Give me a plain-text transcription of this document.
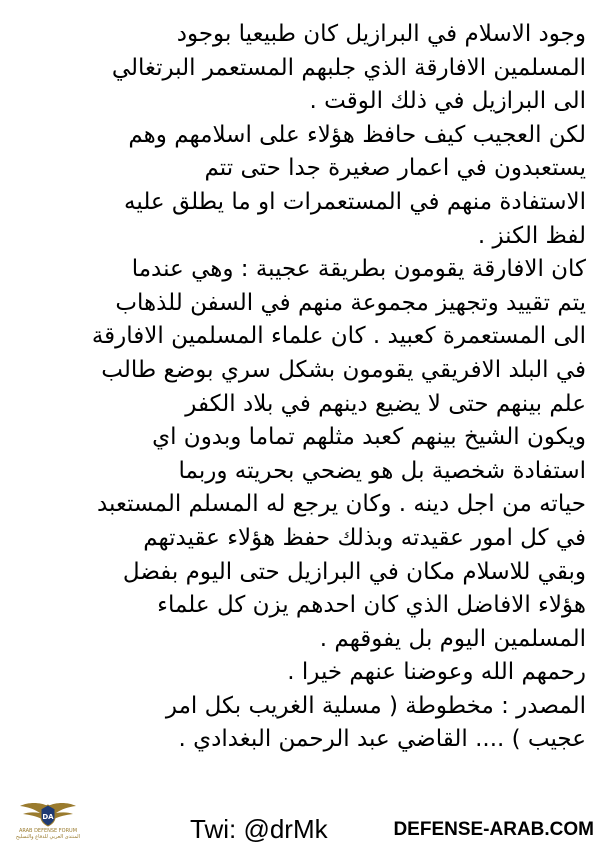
وجود الاسلام في البرازيل كان طبيعيا بوجود
المسلمين الافارقة الذي جلبهم المستعمر البرتغالي
الى البرازيل في ذلك الوقت .
لكن العجيب كيف حافظ هؤلاء على اسلامهم وهم
يستعبدون في اعمار صغيرة جدا حتى تتم
الاستفادة منهم في المستعمرات او ما يطلق عليه
لفظ الكنز .
كان الافارقة يقومون بطريقة عجيبة : وهي عندما
يتم تقييد وتجهيز مجموعة منهم في السفن للذهاب
الى المستعمرة كعبيد . كان علماء المسلمين الافارقة
في البلد الافريقي يقومون بشكل سري بوضع طالب
علم بينهم حتى لا يضيع دينهم في بلاد الكفر
ويكون الشيخ بينهم كعبد مثلهم تماما وبدون اي
استفادة شخصية بل هو يضحي بحريته وربما
حياته من اجل دينه . وكان يرجع له المسلم المستعبد
في كل امور عقيدته وبذلك حفظ هؤلاء عقيدتهم
وبقي للاسلام مكان في البرازيل حتى اليوم بفضل
هؤلاء الافاضل الذي كان احدهم يزن كل علماء
المسلمين اليوم بل يفوقهم .
رحمهم الله وعوضنا عنهم خيرا .
المصدر : مخطوطة ( مسلية الغريب بكل امر
عجيب ) .... القاضي عبد الرحمن البغدادي .
DA
ARAB DEFENSE FORUM
المنتدى العربي للدفاع والتسليح	Twi: @drMk	DEFENSE-ARAB.COM
